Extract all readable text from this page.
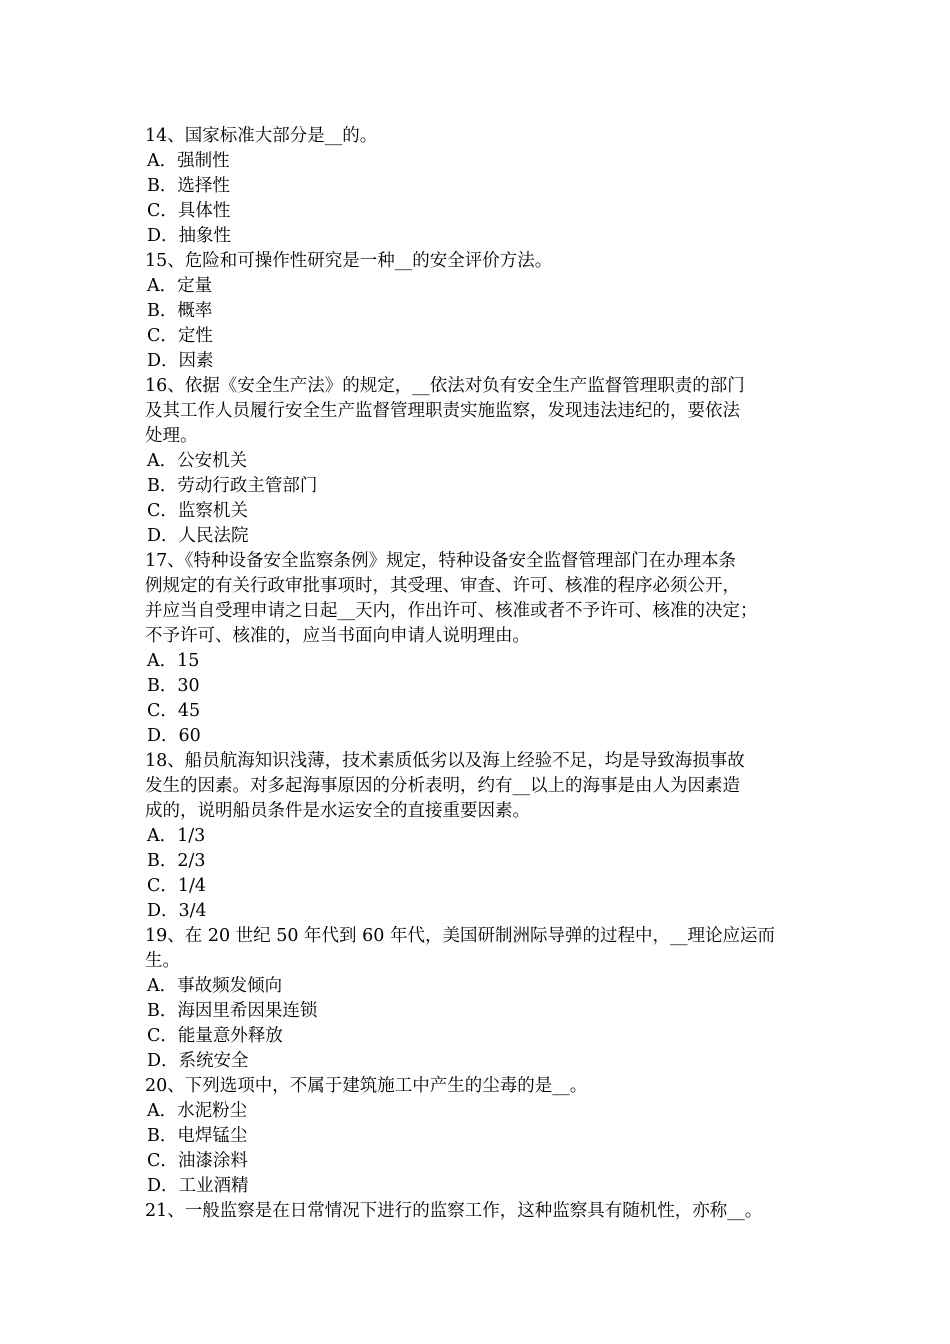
14、国家标准大部分是__的。
A．强制性
B．选择性
C．具体性
D．抽象性
15、危险和可操作性研究是一种__的安全评价方法。
A．定量
B．概率
C．定性
D．因素
16、依据《安全生产法》的规定，__依法对负有安全生产监督管理职责的部门
及其工作人员履行安全生产监督管理职责实施监察，发现违法违纪的，要依法
处理。
A．公安机关
B．劳动行政主管部门
C．监察机关
D．人民法院
17、《特种设备安全监察条例》规定，特种设备安全监督管理部门在办理本条
例规定的有关行政审批事项时，其受理、审查、许可、核准的程序必须公开，
并应当自受理申请之日起__天内，作出许可、核准或者不予许可、核准的决定；
不予许可、核准的，应当书面向申请人说明理由。
A．15
B．30
C．45
D．60
18、船员航海知识浅薄，技术素质低劣以及海上经验不足，均是导致海损事故
发生的因素。对多起海事原因的分析表明，约有__以上的海事是由人为因素造
成的，说明船员条件是水运安全的直接重要因素。
A．1/3
B．2/3
C．1/4
D．3/4
19、在 20 世纪 50 年代到 60 年代，美国研制洲际导弹的过程中，__理论应运而
生。
A．事故频发倾向
B．海因里希因果连锁
C．能量意外释放
D．系统安全
20、下列选项中，不属于建筑施工中产生的尘毒的是__。
A．水泥粉尘
B．电焊锰尘
C．油漆涂料
D．工业酒精
21、一般监察是在日常情况下进行的监察工作，这种监察具有随机性，亦称__。
